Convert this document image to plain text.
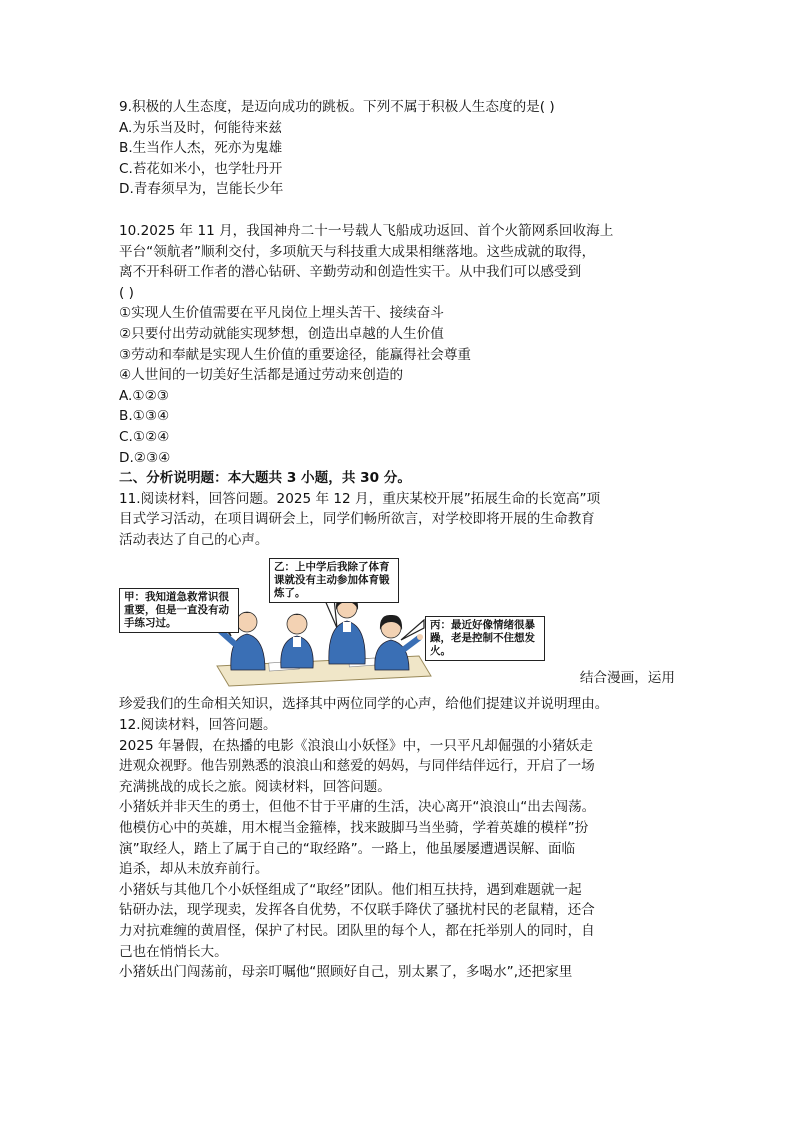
9.积极的人生态度，是迈向成功的跳板。下列不属于积极人生态度的是( )

A.为乐当及时，何能待来兹

B.生当作人杰，死亦为鬼雄

C.苔花如米小，也学牡丹开

D.青春须早为，岂能长少年

10.2025 年 11 月，我国神舟二十一号载人飞船成功返回、首个火箭网系回收海上

平台“领航者”顺利交付，多项航天与科技重大成果相继落地。这些成就的取得，

离不开科研工作者的潜心钻研、辛勤劳动和创造性实干。从中我们可以感受到

( )

①实现人生价值需要在平凡岗位上埋头苦干、接续奋斗

②只要付出劳动就能实现梦想，创造出卓越的人生价值

③劳动和奉献是实现人生价值的重要途径，能赢得社会尊重

④人世间的一切美好生活都是通过劳动来创造的

A.①②③

B.①③④

C.①②④

D.②③④

二、分析说明题：本大题共 3 小题，共 30 分。

11.阅读材料，回答问题。2025 年 12 月，重庆某校开展”拓展生命的长宽高”项

目式学习活动，在项目调研会上，同学们畅所欲言，对学校即将开展的生命教育

活动表达了自己的心声。

甲：我知道急救常识很重要，但是一直没有动手练习过。
乙：上中学后我除了体育课就没有主动参加体育锻炼了。
丙：最近好像情绪很暴躁，老是控制不住想发火。
结合漫画，运用

珍爱我们的生命相关知识，选择其中两位同学的心声，给他们提建议并说明理由。

12.阅读材料，回答问题。

2025 年暑假，在热播的电影《浪浪山小妖怪》中，一只平凡却倔强的小猪妖走

进观众视野。他告别熟悉的浪浪山和慈爱的妈妈，与同伴结伴远行，开启了一场

充满挑战的成长之旅。阅读材料，回答问题。

小猪妖并非天生的勇士，但他不甘于平庸的生活，决心离开“浪浪山“出去闯荡。

他模仿心中的英雄，用木棍当金箍棒，找来跛脚马当坐骑，学着英雄的模样”扮

演”取经人，踏上了属于自己的“取经路”。一路上，他虽屡屡遭遇误解、面临

追杀，却从未放弃前行。

小猪妖与其他几个小妖怪组成了“取经”团队。他们相互扶持，遇到难题就一起

钻研办法，现学现卖，发挥各自优势，不仅联手降伏了骚扰村民的老鼠精，还合

力对抗难缠的黄眉怪，保护了村民。团队里的每个人，都在托举别人的同时，自

己也在悄悄长大。

小猪妖出门闯荡前，母亲叮嘱他“照顾好自己，别太累了，多喝水”,还把家里
